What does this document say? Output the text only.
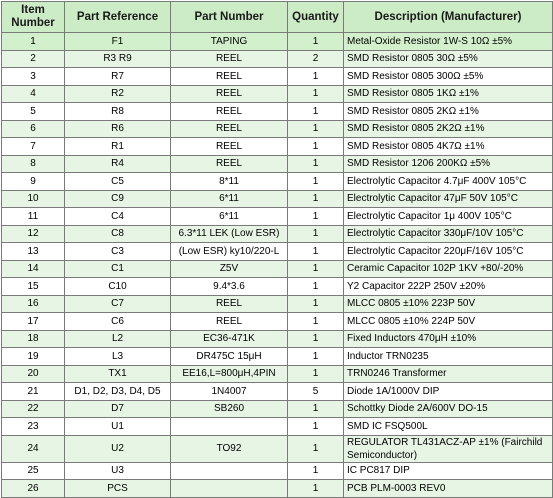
Item Number	Part Reference	Part Number	Quantity	Description (Manufacturer)
1	F1	TAPING	1	Metal-Oxide Resistor 1W-S 10Ω ±5%
2	R3 R9	REEL	2	SMD Resistor 0805 30Ω ±5%
3	R7	REEL	1	SMD Resistor 0805 300Ω ±5%
4	R2	REEL	1	SMD Resistor 0805 1KΩ ±1%
5	R8	REEL	1	SMD Resistor 0805 2KΩ ±1%
6	R6	REEL	1	SMD Resistor 0805 2K2Ω ±1%
7	R1	REEL	1	SMD Resistor 0805 4K7Ω ±1%
8	R4	REEL	1	SMD Resistor 1206 200KΩ ±5%
9	C5	8*11	1	Electrolytic Capacitor 4.7μF 400V 105°C
10	C9	6*11	1	Electrolytic Capacitor 47μF 50V 105°C
11	C4	6*11	1	Electrolytic Capacitor 1μ 400V 105°C
12	C8	6.3*11 LEK (Low ESR)	1	Electrolytic Capacitor 330μF/10V 105°C
13	C3	(Low ESR) ky10/220-L	1	Electrolytic Capacitor 220μF/16V 105°C
14	C1	Z5V	1	Ceramic Capacitor 102P 1KV +80/-20%
15	C10	9.4*3.6	1	Y2 Capacitor 222P 250V ±20%
16	C7	REEL	1	MLCC 0805 ±10% 223P 50V
17	C6	REEL	1	MLCC 0805 ±10% 224P 50V
18	L2	EC36-471K	1	Fixed Inductors 470μH ±10%
19	L3	DR475C 15μH	1	Inductor TRN0235
20	TX1	EE16,L=800μH,4PIN	1	TRN0246 Transformer
21	D1, D2, D3, D4, D5	1N4007	5	Diode 1A/1000V DIP
22	D7	SB260	1	Schottky Diode 2A/600V DO-15
23	U1		1	SMD IC FSQ500L
24	U2	TO92	1	REGULATOR TL431ACZ-AP ±1% (Fairchild Semiconductor)
25	U3		1	IC PC817 DIP
26	PCS		1	PCB PLM-0003 REV0
